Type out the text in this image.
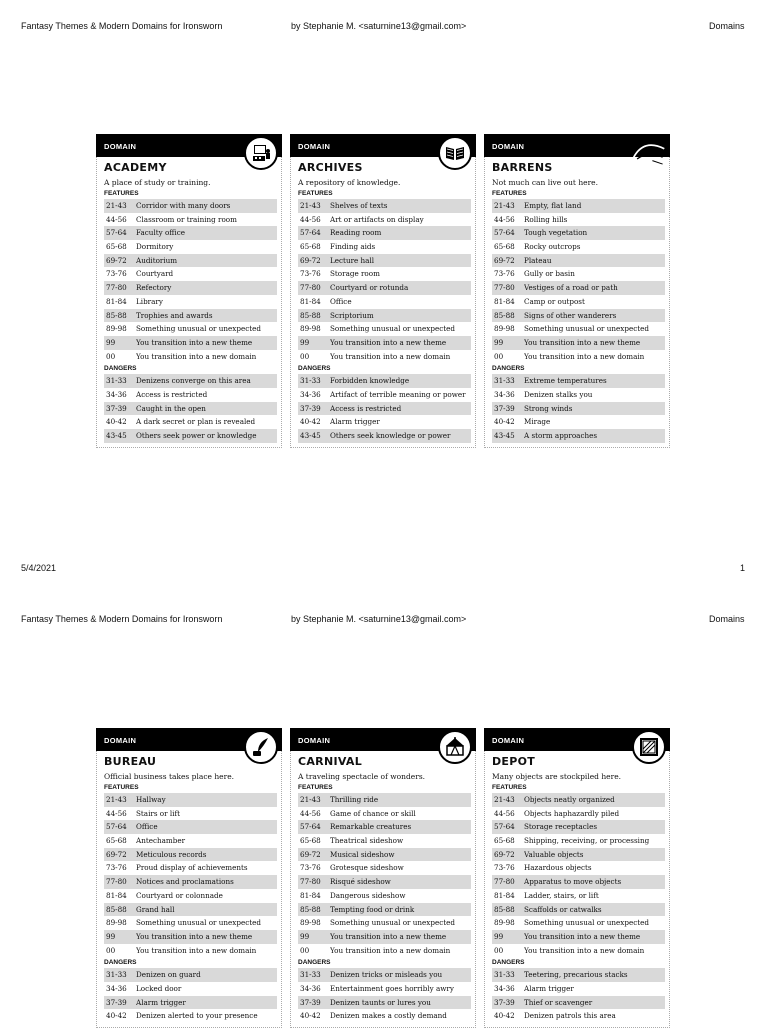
Fantasy Themes & Modern Domains for Ironsworn	by Stephanie M. <saturnine13@gmail.com>	Domains
DOMAIN
ACADEMY
A place of study or training.
FEATURES
21-43	Corridor with many doors
44-56	Classroom or training room
57-64	Faculty office
65-68	Dormitory
69-72	Auditorium
73-76	Courtyard
77-80	Refectory
81-84	Library
85-88	Trophies and awards
89-98	Something unusual or unexpected
99	You transition into a new theme
00	You transition into a new domain
DANGERS
31-33	Denizens converge on this area
34-36	Access is restricted
37-39	Caught in the open
40-42	A dark secret or plan is revealed
43-45	Others seek power or knowledge
DOMAIN
ARCHIVES
A repository of knowledge.
FEATURES
21-43	Shelves of texts
44-56	Art or artifacts on display
57-64	Reading room
65-68	Finding aids
69-72	Lecture hall
73-76	Storage room
77-80	Courtyard or rotunda
81-84	Office
85-88	Scriptorium
89-98	Something unusual or unexpected
99	You transition into a new theme
00	You transition into a new domain
DANGERS
31-33	Forbidden knowledge
34-36	Artifact of terrible meaning or power
37-39	Access is restricted
40-42	Alarm trigger
43-45	Others seek knowledge or power
DOMAIN
BARRENS
Not much can live out here.
FEATURES
21-43	Empty, flat land
44-56	Rolling hills
57-64	Tough vegetation
65-68	Rocky outcrops
69-72	Plateau
73-76	Gully or basin
77-80	Vestiges of a road or path
81-84	Camp or outpost
85-88	Signs of other wanderers
89-98	Something unusual or unexpected
99	You transition into a new theme
00	You transition into a new domain
DANGERS
31-33	Extreme temperatures
34-36	Denizen stalks you
37-39	Strong winds
40-42	Mirage
43-45	A storm approaches
5/4/2021	1
Fantasy Themes & Modern Domains for Ironsworn	by Stephanie M. <saturnine13@gmail.com>	Domains
DOMAIN
BUREAU
Official business takes place here.
FEATURES
21-43	Hallway
44-56	Stairs or lift
57-64	Office
65-68	Antechamber
69-72	Meticulous records
73-76	Proud display of achievements
77-80	Notices and proclamations
81-84	Courtyard or colonnade
85-88	Grand hall
89-98	Something unusual or unexpected
99	You transition into a new theme
00	You transition into a new domain
DANGERS
31-33	Denizen on guard
34-36	Locked door
37-39	Alarm trigger
40-42	Denizen alerted to your presence
DOMAIN
CARNIVAL
A traveling spectacle of wonders.
FEATURES
21-43	Thrilling ride
44-56	Game of chance or skill
57-64	Remarkable creatures
65-68	Theatrical sideshow
69-72	Musical sideshow
73-76	Grotesque sideshow
77-80	Risqué sideshow
81-84	Dangerous sideshow
85-88	Tempting food or drink
89-98	Something unusual or unexpected
99	You transition into a new theme
00	You transition into a new domain
DANGERS
31-33	Denizen tricks or misleads you
34-36	Entertainment goes horribly awry
37-39	Denizen taunts or lures you
40-42	Denizen makes a costly demand
DOMAIN
DEPOT
Many objects are stockpiled here.
FEATURES
21-43	Objects neatly organized
44-56	Objects haphazardly piled
57-64	Storage receptacles
65-68	Shipping, receiving, or processing
69-72	Valuable objects
73-76	Hazardous objects
77-80	Apparatus to move objects
81-84	Ladder, stairs, or lift
85-88	Scaffolds or catwalks
89-98	Something unusual or unexpected
99	You transition into a new theme
00	You transition into a new domain
DANGERS
31-33	Teetering, precarious stacks
34-36	Alarm trigger
37-39	Thief or scavenger
40-42	Denizen patrols this area
